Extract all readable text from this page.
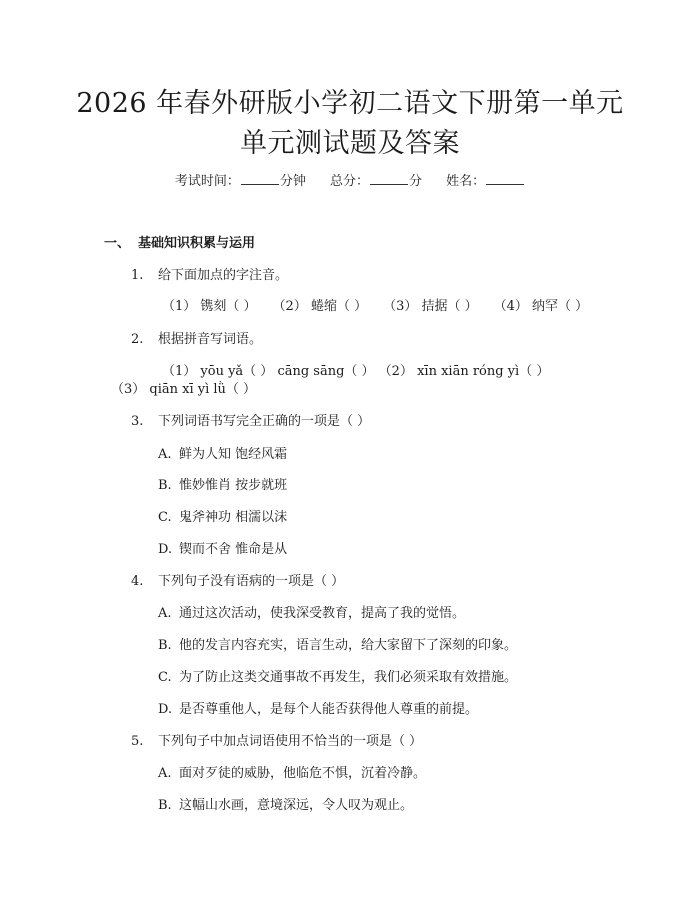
2026 年春外研版小学初二语文下册第一单元
单元测试题及答案
考试时间：	分钟 总分：	分 姓名：
一、 基础知识积累与运用
1. 给下面加点的字注音。
（1） 镌刻（ ） （2） 蜷缩（ ） （3） 拮据（ ） （4） 纳罕（ ）
2. 根据拼音写词语。
（1） yōu yǎ（ ） cāng sāng（ ） （2） xīn xiān róng yì（ ）
（3） qiān xī yì lǜ（ ）
3. 下列词语书写完全正确的一项是（ ）
A. 鲜为人知 饱经风霜
B. 惟妙惟肖 按步就班
C. 鬼斧神功 相濡以沫
D. 锲而不舍 惟命是从
4. 下列句子没有语病的一项是（ ）
A. 通过这次活动，使我深受教育，提高了我的觉悟。
B. 他的发言内容充实，语言生动，给大家留下了深刻的印象。
C. 为了防止这类交通事故不再发生，我们必须采取有效措施。
D. 是否尊重他人，是每个人能否获得他人尊重的前提。
5. 下列句子中加点词语使用不恰当的一项是（ ）
A. 面对歹徒的威胁，他临危不惧，沉着冷静。
B. 这幅山水画，意境深远，令人叹为观止。
